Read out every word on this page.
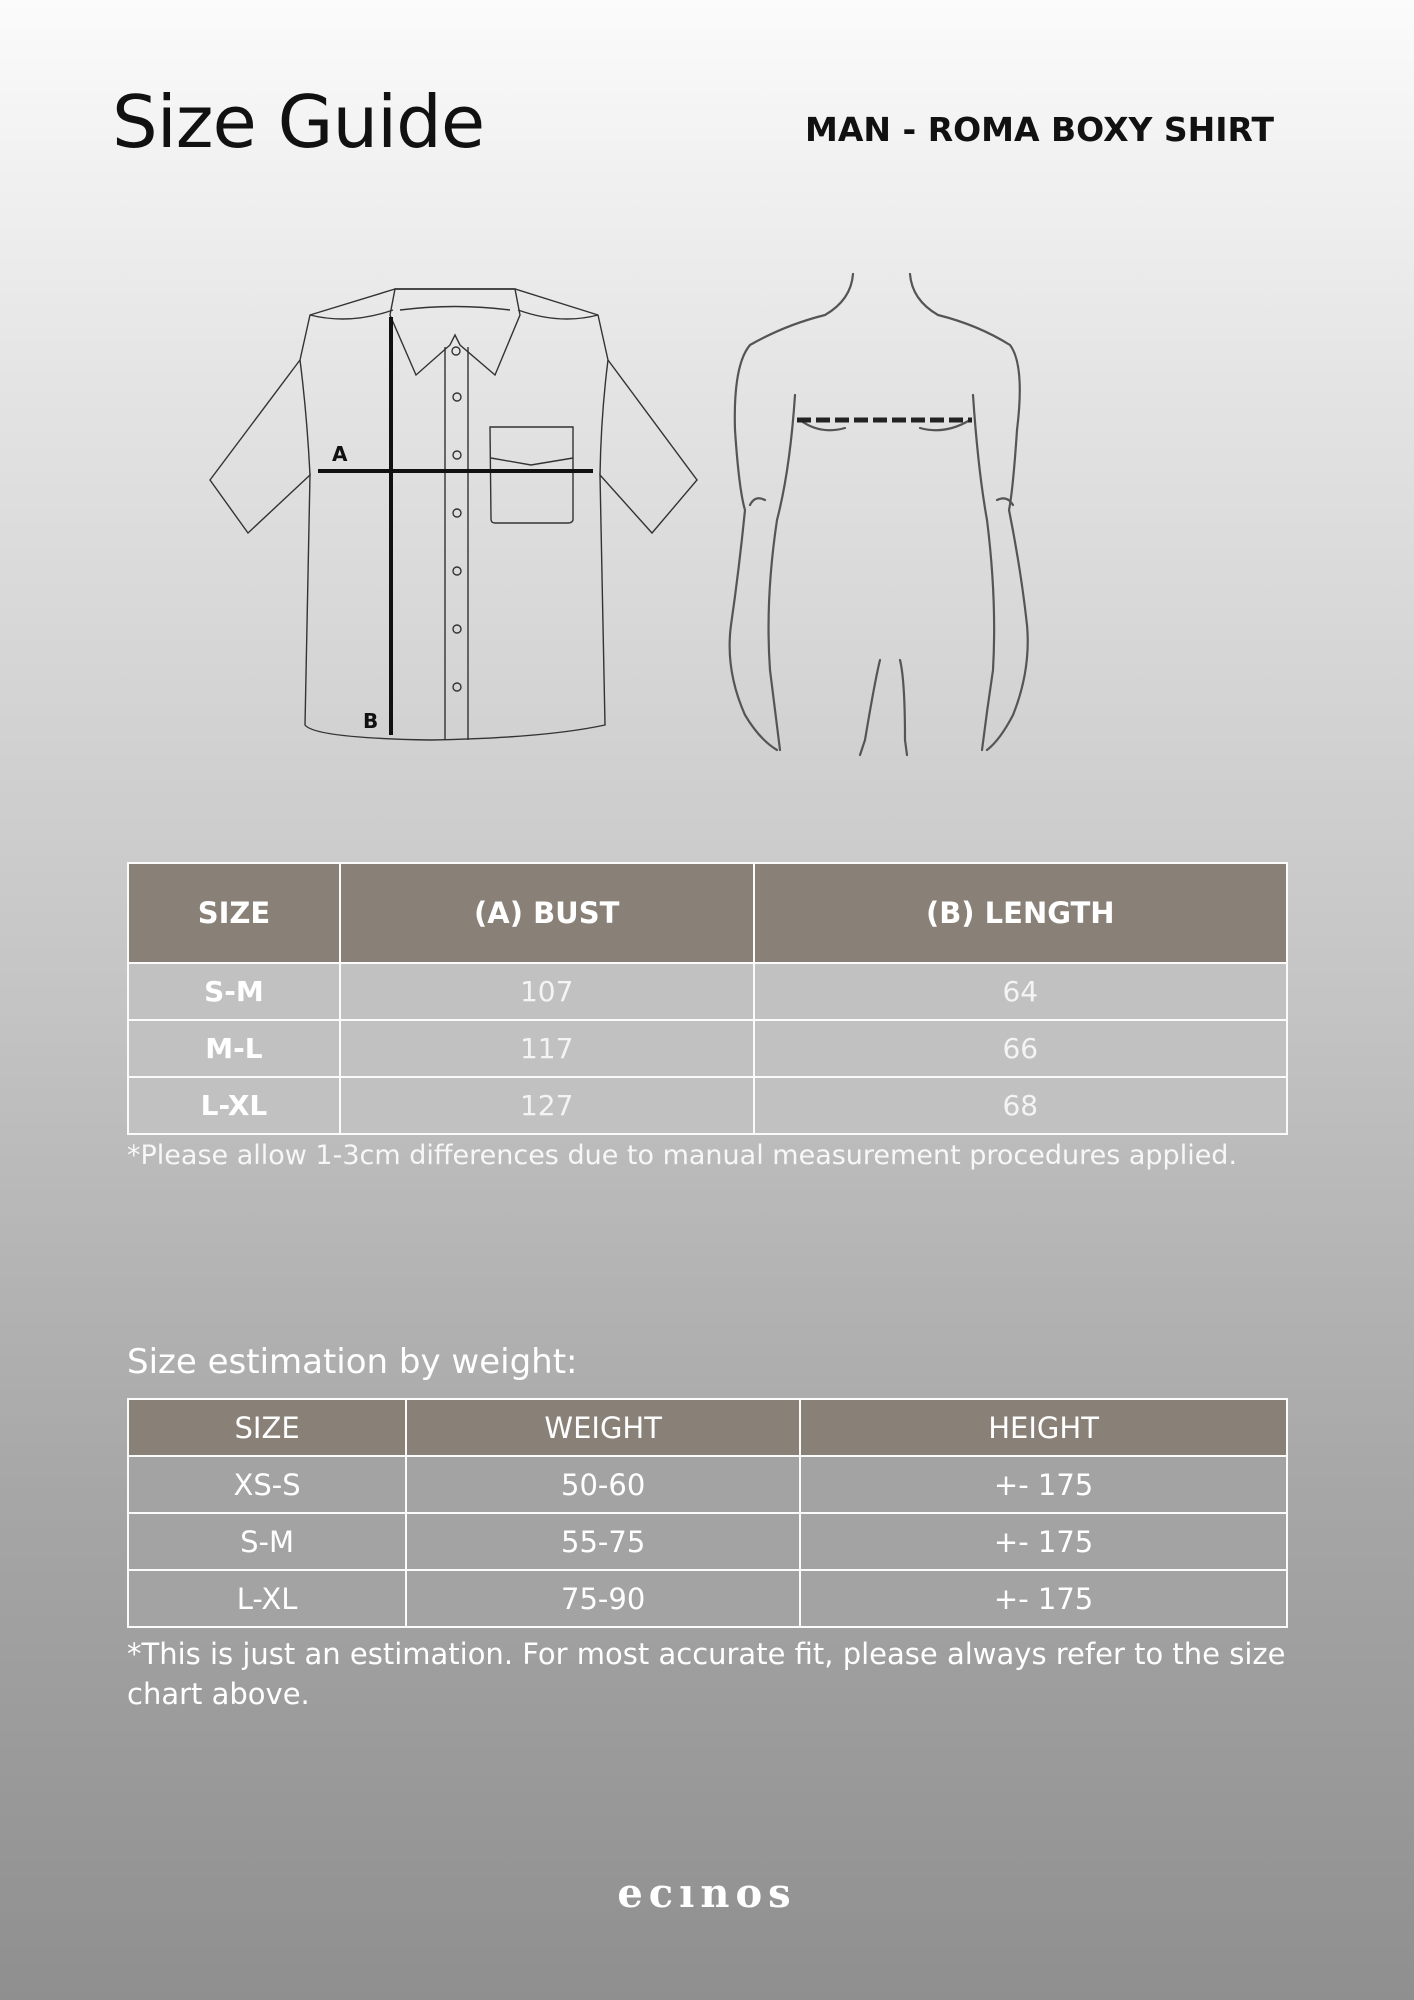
Size Guide	MAN - ROMA BOXY SHIRT
A
B
SIZE	(A) BUST	(B) LENGTH
S-M	107	64
M-L	117	66
L-XL	127	68
*Please allow 1-3cm differences due to manual measurement procedures applied.
Size estimation by weight:
SIZE	WEIGHT	HEIGHT
XS-S	50-60	+- 175
S-M	55-75	+- 175
L-XL	75-90	+- 175
*This is just an estimation. For most accurate fit, please always refer to the size chart above.
ecınos
